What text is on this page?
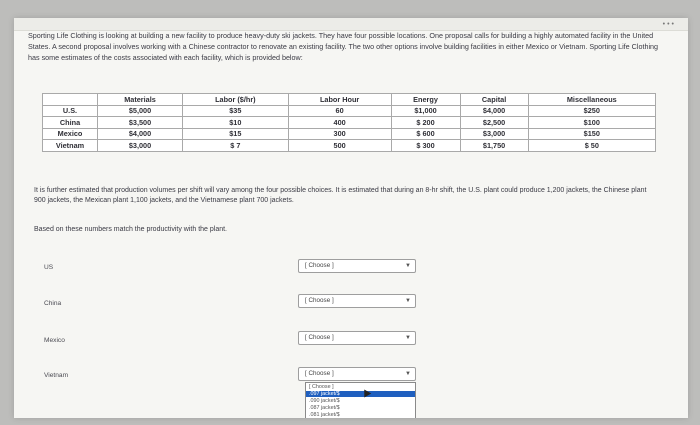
•••
Sporting Life Clothing is looking at building a new facility to produce heavy-duty ski jackets. They have four possible locations. One proposal calls for building a highly automated facility in the United States. A second proposal involves working with a Chinese contractor to renovate an existing facility. The two other options involve building facilities in either Mexico or Vietnam. Sporting Life Clothing has some estimates of the costs associated with each facility, which is provided below:
	Materials	Labor ($/hr)	Labor Hour	Energy	Capital	Miscellaneous
U.S.	$5,000	$35	60	$1,000	$4,000	$250
China	$3,500	$10	400	$ 200	$2,500	$100
Mexico	$4,000	$15	300	$ 600	$3,000	$150
Vietnam	$3,000	$ 7	500	$ 300	$1,750	$ 50
It is further estimated that production volumes per shift will vary among the four possible choices. It is estimated that during an 8-hr shift, the U.S. plant could produce 1,200 jackets, the Chinese plant 900 jackets, the Mexican plant 1,100 jackets, and the Vietnamese plant 700 jackets.
Based on these numbers match the productivity with the plant.
US	[ Choose ]	▼
China	[ Choose ]	▼
Mexico	[ Choose ]	▼
Vietnam	[ Choose ]	▼
[ Choose ]
.097 jacket/$
.090 jacket/$
.087 jacket/$
.081 jacket/$
